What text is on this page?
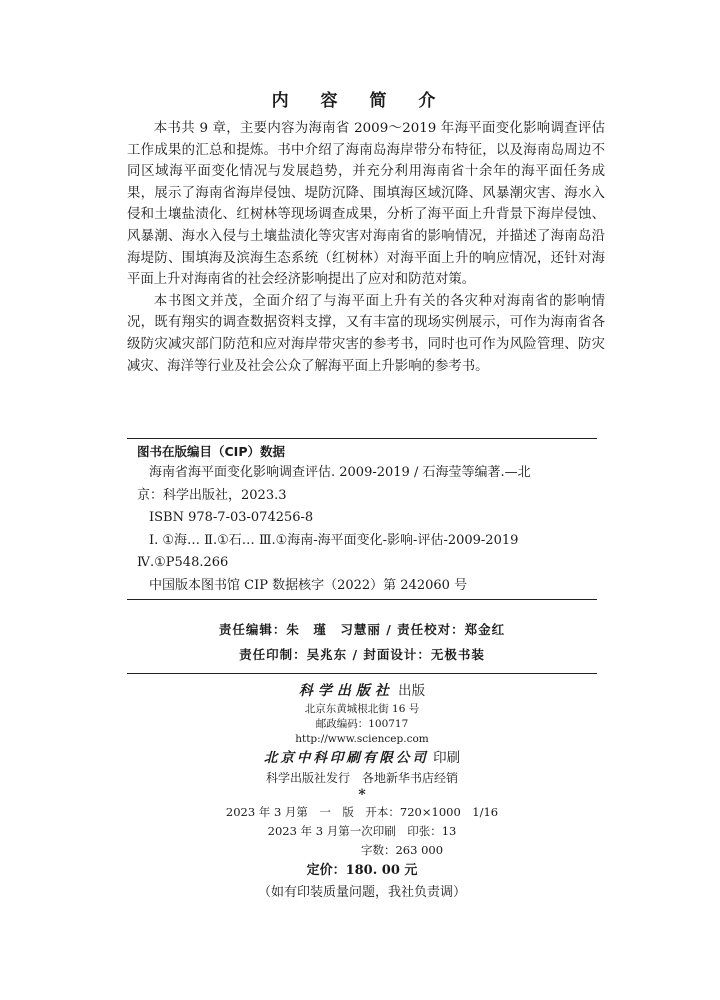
内 容 简 介

本书共 9 章，主要内容为海南省 2009～2019 年海平面变化影响调查评估工作成果的汇总和提炼。书中介绍了海南岛海岸带分布特征，以及海南岛周边不同区域海平面变化情况与发展趋势，并充分利用海南省十余年的海平面任务成果，展示了海南省海岸侵蚀、堤防沉降、围填海区域沉降、风暴潮灾害、海水入侵和土壤盐渍化、红树林等现场调查成果，分析了海平面上升背景下海岸侵蚀、风暴潮、海水入侵与土壤盐渍化等灾害对海南省的影响情况，并描述了海南岛沿海堤防、围填海及滨海生态系统（红树林）对海平面上升的响应情况，还针对海平面上升对海南省的社会经济影响提出了应对和防范对策。

本书图文并茂，全面介绍了与海平面上升有关的各灾种对海南省的影响情况，既有翔实的调查数据资料支撑，又有丰富的现场实例展示，可作为海南省各级防灾减灾部门防范和应对海岸带灾害的参考书，同时也可作为风险管理、防灾减灾、海洋等行业及社会公众了解海平面上升影响的参考书。

图书在版编目（CIP）数据
海南省海平面变化影响调查评估. 2009-2019 / 石海莹等编著.—北
京：科学出版社，2023.3
ISBN 978-7-03-074256-8
Ⅰ. ①海… Ⅱ.①石… Ⅲ.①海南-海平面变化-影响-评估-2009-2019
Ⅳ.①P548.266
中国版本图书馆 CIP 数据核字（2022）第 242060 号
责任编辑：朱　瑾　习慧丽 / 责任校对：郑金红
责任印制：吴兆东 / 封面设计：无极书装
科学出版社 出版
北京东黄城根北街 16 号
邮政编码：100717
http://www.sciencep.com
北京中科印刷有限公司 印刷
科学出版社发行　各地新华书店经销
*
2023 年 3 月第　一　版　开本：720×1000　1/16
2023 年 3 月第一次印刷　印张：13
字数：263 000
定价：180. 00 元
（如有印装质量问题，我社负责调）
